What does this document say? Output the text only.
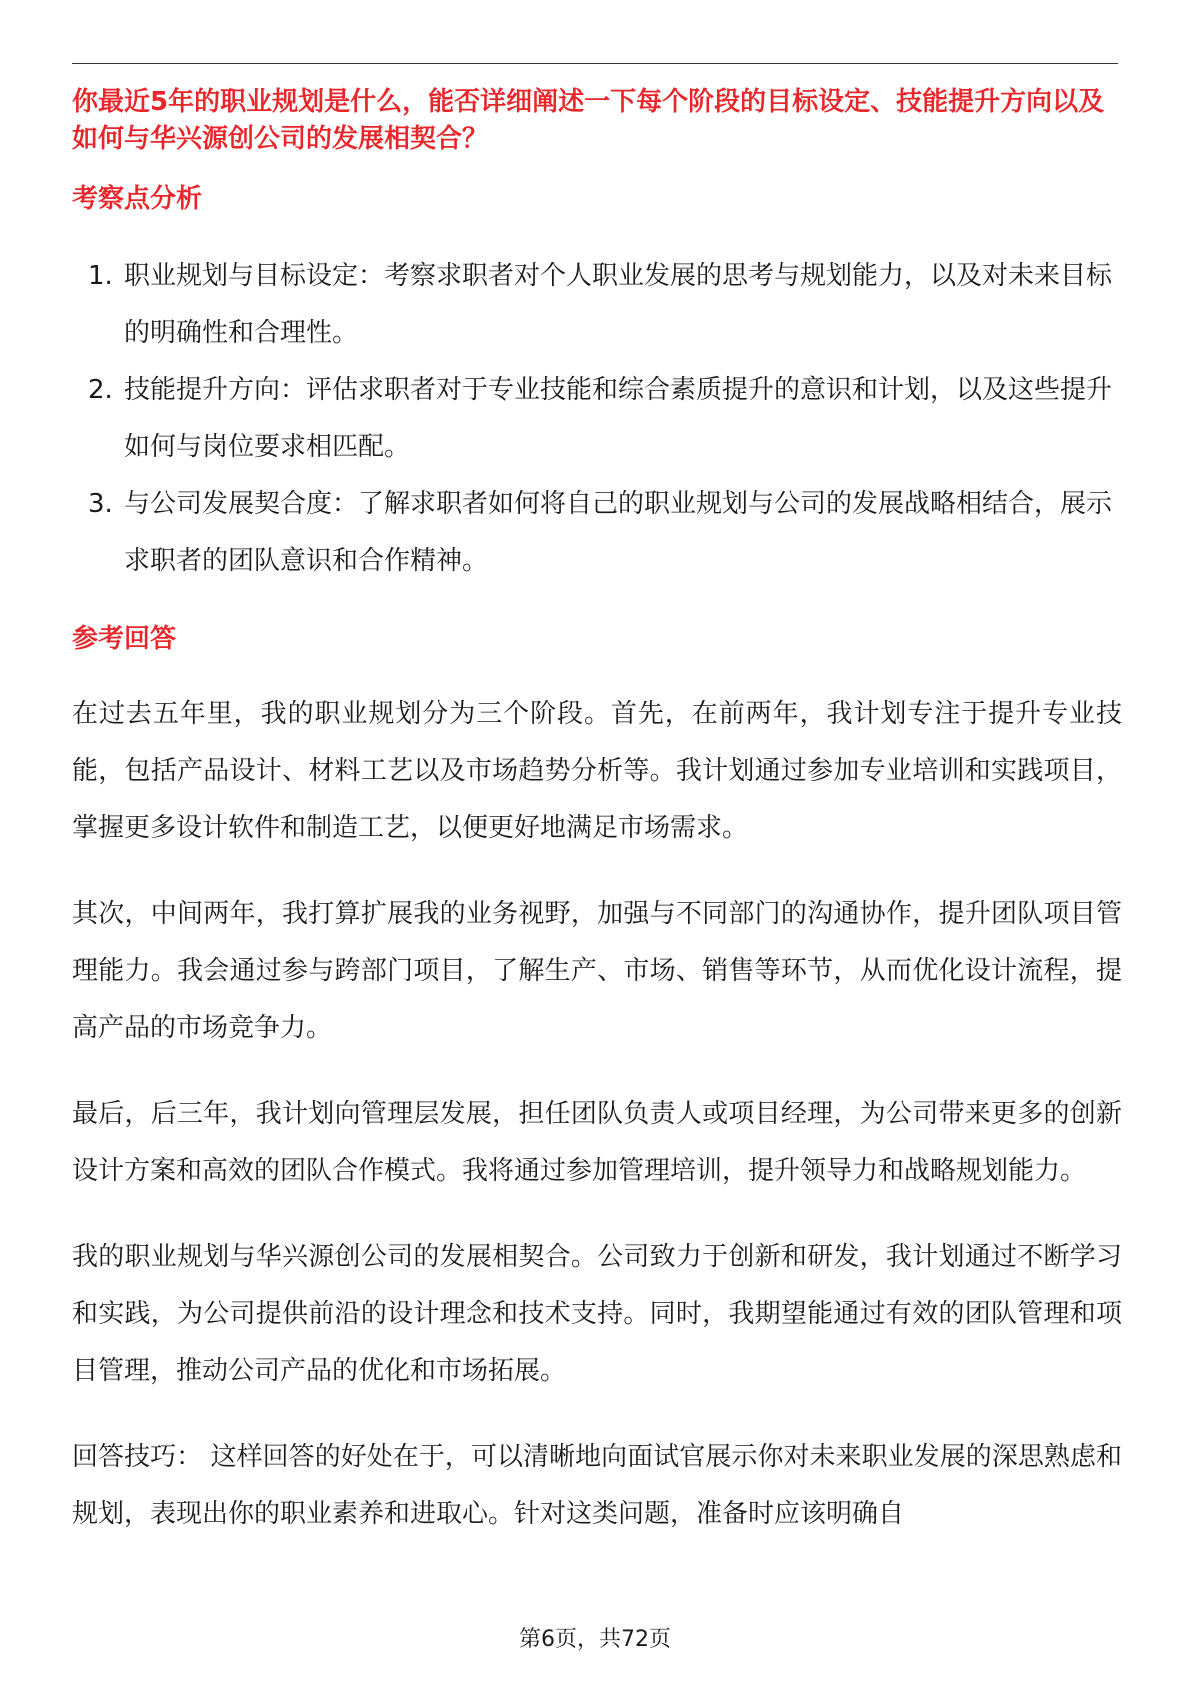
你最近5年的职业规划是什么，能否详细阐述一下每个阶段的目标设定、技能提升方向以及如何与华兴源创公司的发展相契合？
考察点分析
1. 职业规划与目标设定：考察求职者对个人职业发展的思考与规划能力，以及对未来目标的明确性和合理性。
2. 技能提升方向：评估求职者对于专业技能和综合素质提升的意识和计划，以及这些提升如何与岗位要求相匹配。
3. 与公司发展契合度：了解求职者如何将自己的职业规划与公司的发展战略相结合，展示求职者的团队意识和合作精神。
参考回答

在过去五年里，我的职业规划分为三个阶段。首先，在前两年，我计划专注于提升专业技能，包括产品设计、材料工艺以及市场趋势分析等。我计划通过参加专业培训和实践项目，掌握更多设计软件和制造工艺，以便更好地满足市场需求。

其次，中间两年，我打算扩展我的业务视野，加强与不同部门的沟通协作，提升团队项目管理能力。我会通过参与跨部门项目，了解生产、市场、销售等环节，从而优化设计流程，提高产品的市场竞争力。

最后，后三年，我计划向管理层发展，担任团队负责人或项目经理，为公司带来更多的创新设计方案和高效的团队合作模式。我将通过参加管理培训，提升领导力和战略规划能力。

我的职业规划与华兴源创公司的发展相契合。公司致力于创新和研发，我计划通过不断学习和实践，为公司提供前沿的设计理念和技术支持。同时，我期望能通过有效的团队管理和项目管理，推动公司产品的优化和市场拓展。

回答技巧： 这样回答的好处在于，可以清晰地向面试官展示你对未来职业发展的深思熟虑和规划，表现出你的职业素养和进取心。针对这类问题，准备时应该明确自

第6页，共72页
